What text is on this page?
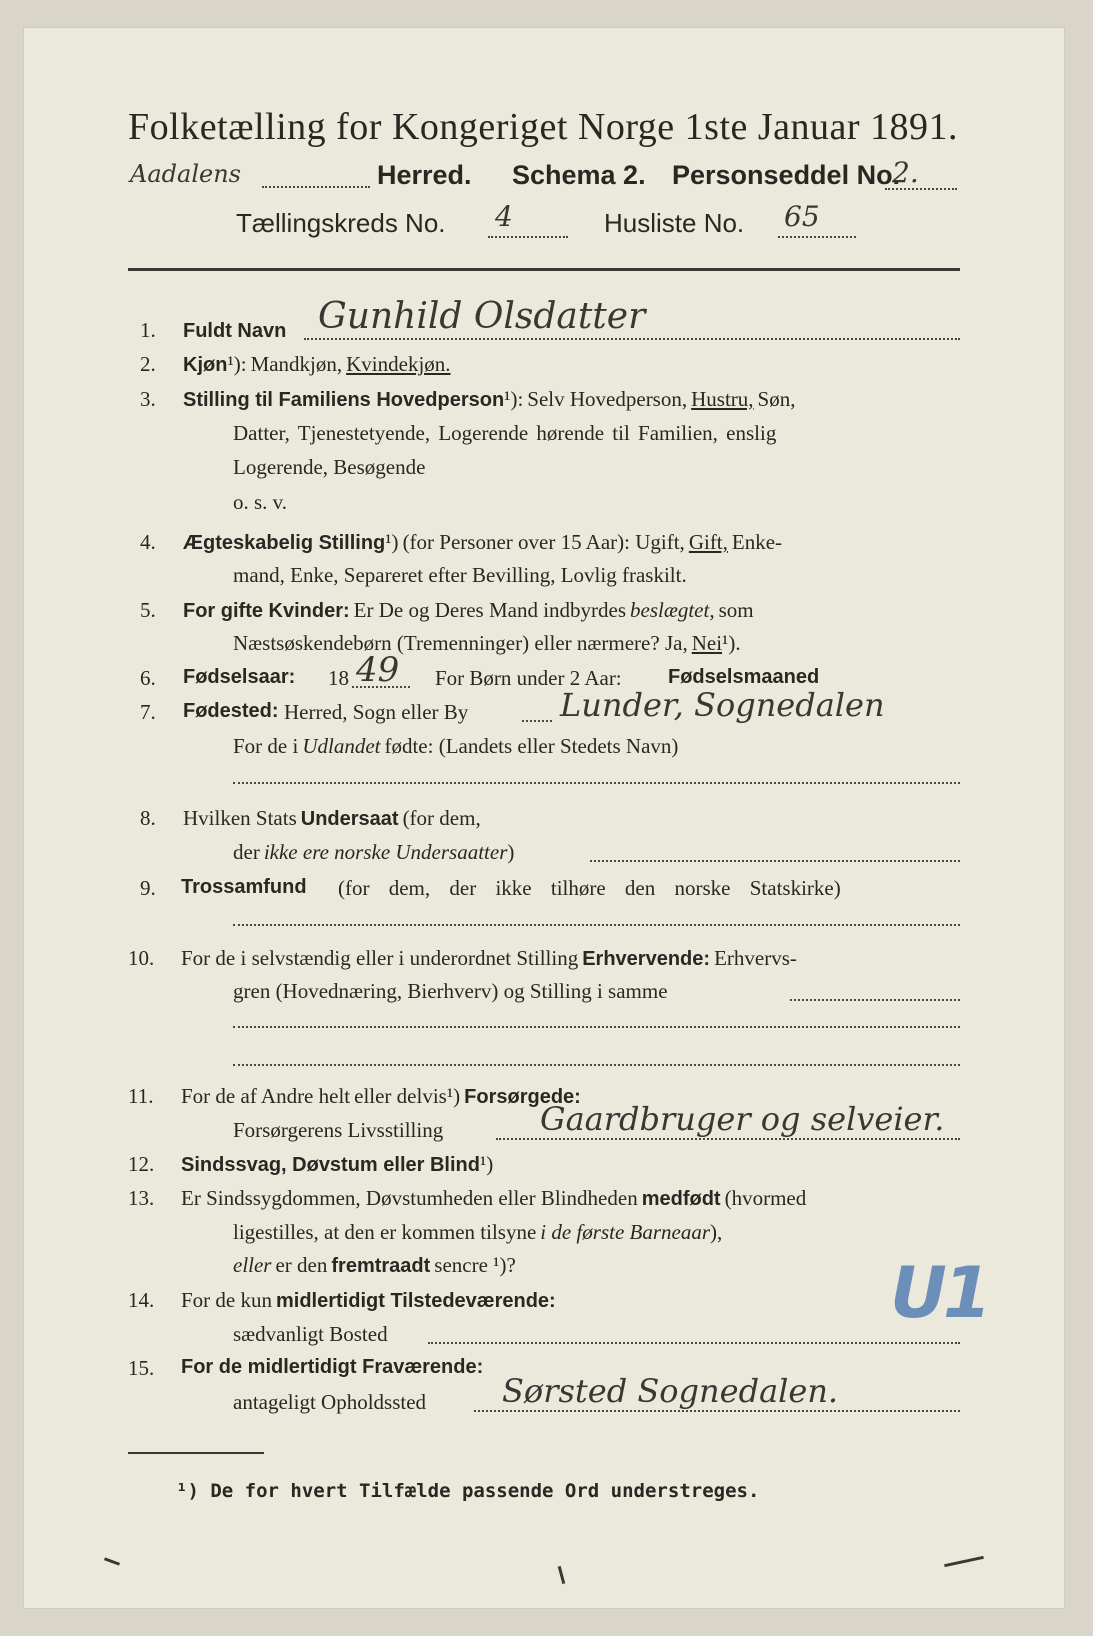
Folketælling for Kongeriget Norge 1ste Januar 1891.
Aadalens	Herred. Schema 2. Personseddel No.
2.
Tællingskreds No. 4	Husliste No. 65
1. Fuldt Navn Gunhild Olsdatter
2. Kjøn¹): Mandkjøn, Kvindekjøn.
3. Stilling til Familiens Hovedperson¹): Selv Hovedperson, Hustru, Søn,
Datter, Tjenestetyende, Logerende hørende til Familien, enslig
Logerende, Besøgende
o. s. v.
4. Ægteskabelig Stilling¹) (for Personer over 15 Aar): Ugift, Gift, Enke-
mand, Enke, Separeret efter Bevilling, Lovlig fraskilt.
5. For gifte Kvinder: Er De og Deres Mand indbyrdes beslægtet, som
Næstsøskendebørn (Tremenninger) eller nærmere? Ja, Nei¹).
6. Fødselsaar: 18 49 For Børn under 2 Aar: Fødselsmaaned
7. Fødested: Herred, Sogn eller By	Lunder, Sognedalen
For de i Udlandet fødte: (Landets eller Stedets Navn)
8. Hvilken Stats Undersaat (for dem,
der ikke ere norske Undersaatter)
9. Trossamfund (for dem, der ikke tilhøre den norske Statskirke)
10. For de i selvstændig eller i underordnet Stilling Erhvervende: Erhvervs-
gren (Hovednæring, Bierhverv) og Stilling i samme
11. For de af Andre helt eller delvis¹) Forsørgede:
Forsørgerens Livsstilling	Gaardbruger og selveier.
12. Sindssvag, Døvstum eller Blind¹)
13. Er Sindssygdommen, Døvstumheden eller Blindheden medfødt (hvormed
ligestilles, at den er kommen tilsyne i de første Barneaar),
eller er den fremtraadt sencre ¹)?
14. For de kun midlertidigt Tilstedeværende:
sædvanligt Bosted	U1
15. For de midlertidigt Fraværende:
antageligt Opholdssted Sørsted Sognedalen.
¹) De for hvert Tilfælde passende Ord understreges.
